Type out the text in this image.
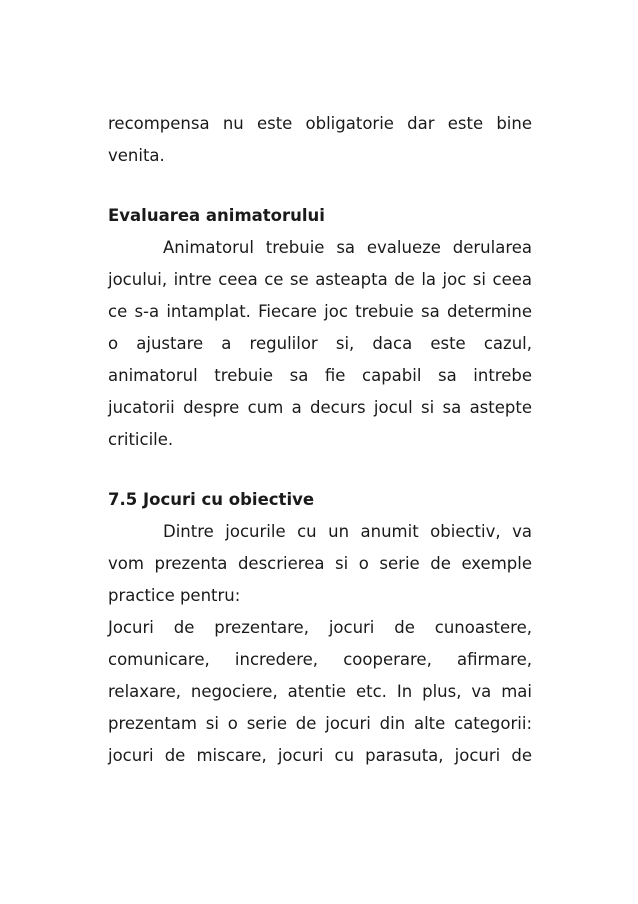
recompensa nu este obligatorie dar este bine
venita.
Evaluarea animatorului
Animatorul trebuie sa evalueze derularea
jocului, intre ceea ce se asteapta de la joc si ceea
ce s-a intamplat. Fiecare joc trebuie sa determine
o ajustare a regulilor si, daca este cazul,
animatorul trebuie sa fie capabil sa intrebe
jucatorii despre cum a decurs jocul si sa astepte
criticile.
7.5 Jocuri cu obiective
Dintre jocurile cu un anumit obiectiv, va
vom prezenta descrierea si o serie de exemple
practice pentru:
Jocuri de prezentare, jocuri de cunoastere,
comunicare, incredere, cooperare, afirmare,
relaxare, negociere, atentie etc. In plus, va mai
prezentam si o serie de jocuri din alte categorii:
jocuri de miscare, jocuri cu parasuta, jocuri de
